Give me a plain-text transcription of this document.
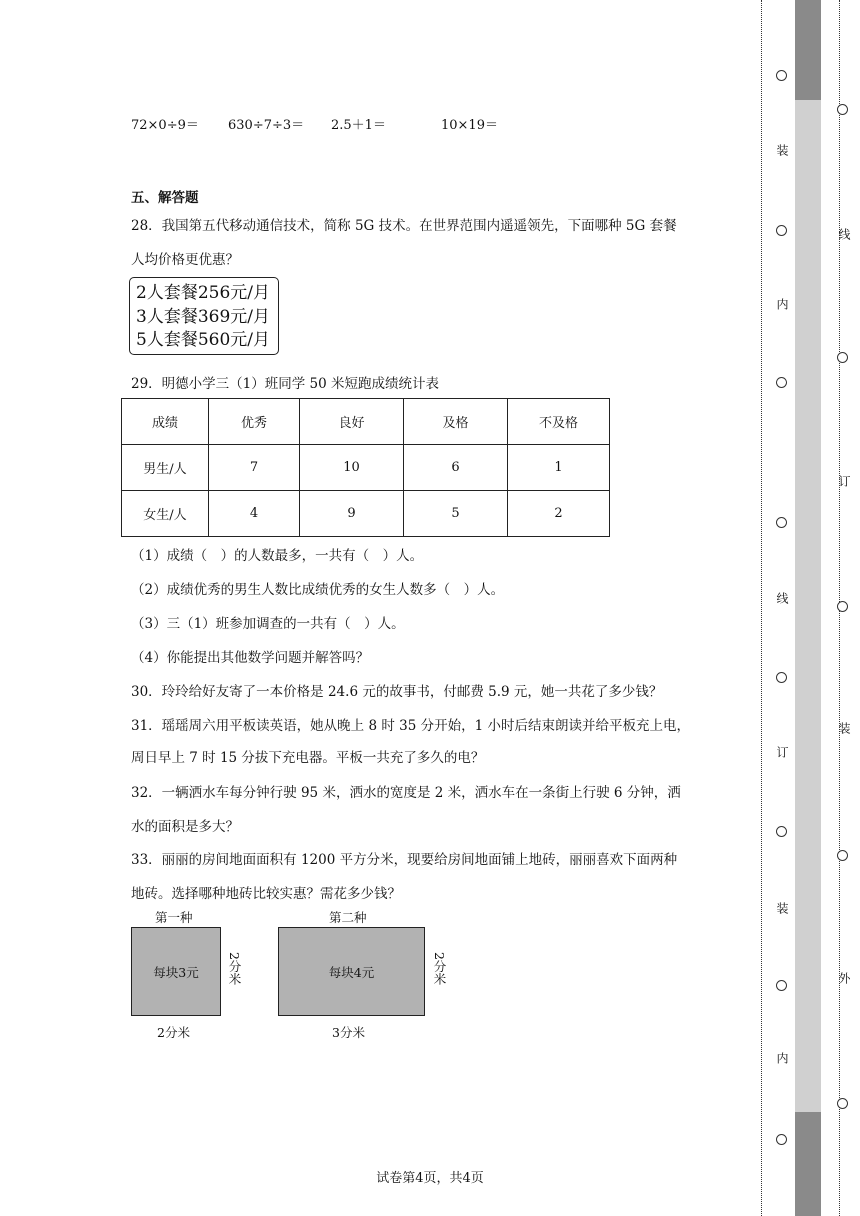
72×0÷9＝ 630÷7÷3＝ 2.5＋1＝	10×19＝
五、解答题
28．我国第五代移动通信技术，简称 5G 技术。在世界范围内遥遥领先，下面哪种 5G 套餐
人均价格更优惠？
2人套餐256元/月
3人套餐369元/月
5人套餐560元/月
29．明德小学三（1）班同学 50 米短跑成绩统计表
成绩	优秀	良好	及格	不及格
男生/人	7	10	6	1
女生/人	4	9	5	2
（1）成绩（　）的人数最多，一共有（　）人。
（2）成绩优秀的男生人数比成绩优秀的女生人数多（　）人。
（3）三（1）班参加调查的一共有（　）人。
（4）你能提出其他数学问题并解答吗？
30．玲玲给好友寄了一本价格是 24.6 元的故事书，付邮费 5.9 元，她一共花了多少钱？
31．瑶瑶周六用平板读英语，她从晚上 8 时 35 分开始，1 小时后结束朗读并给平板充上电，
周日早上 7 时 15 分拔下充电器。平板一共充了多久的电？
32．一辆洒水车每分钟行驶 95 米，洒水的宽度是 2 米，洒水车在一条街上行驶 6 分钟，洒
水的面积是多大？
33．丽丽的房间地面面积有 1200 平方分米，现要给房间地面铺上地砖，丽丽喜欢下面两种
地砖。选择哪种地砖比较实惠？需花多少钱？
第一种
每块3元 2分米
2分米
第二种
每块4元	2分米
3分米
试卷第4页，共4页
装
内
线
订
装
内
线
订
装
外
